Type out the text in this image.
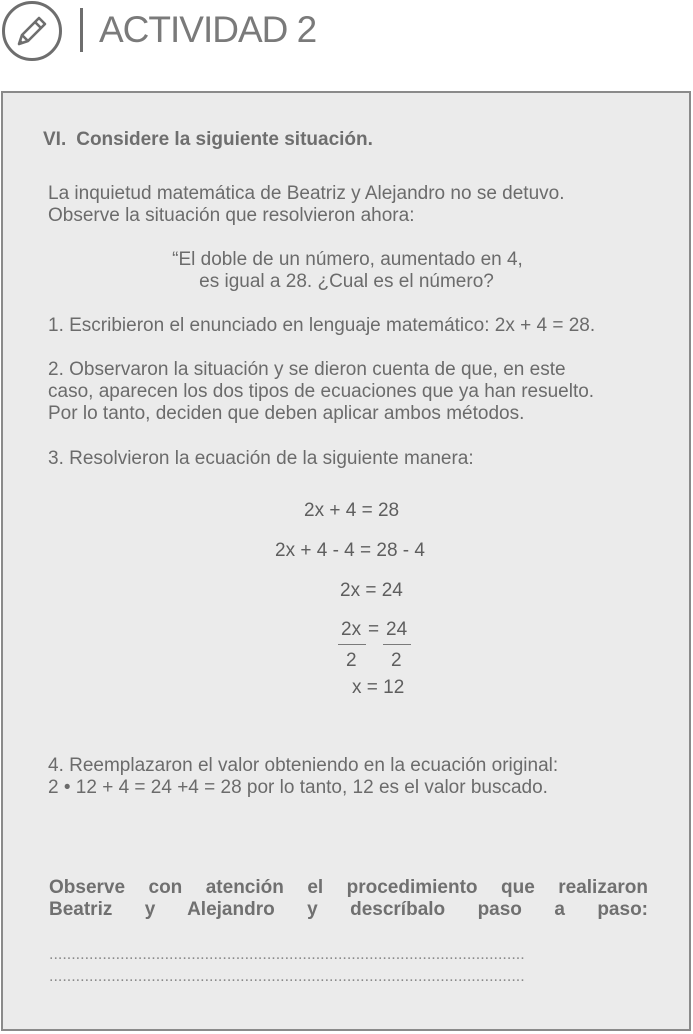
ACTIVIDAD 2
VI. Considere la siguiente situación.
La inquietud matemática de Beatriz y Alejandro no se detuvo.
Observe la situación que resolvieron ahora:
“El doble de un número, aumentado en 4,
es igual a 28. ¿Cual es el número?
1. Escribieron el enunciado en lenguaje matemático: 2x + 4 = 28.
2. Observaron la situación y se dieron cuenta de que, en este
caso, aparecen los dos tipos de ecuaciones que ya han resuelto.
Por lo tanto, deciden que deben aplicar ambos métodos.
3. Resolvieron la ecuación de la siguiente manera:
2x + 4 = 28
2x + 4 - 4 = 28 - 4
2x = 24
2x = 24
2 2
x = 12
4. Reemplazaron el valor obteniendo en la ecuación original:
2 • 12 + 4 = 24 +4 = 28 por lo tanto, 12 es el valor buscado.
Observe con atención el procedimiento que realizaron
Beatriz y Alejandro y descríbalo paso a paso:
...........................................................................................................
...........................................................................................................
